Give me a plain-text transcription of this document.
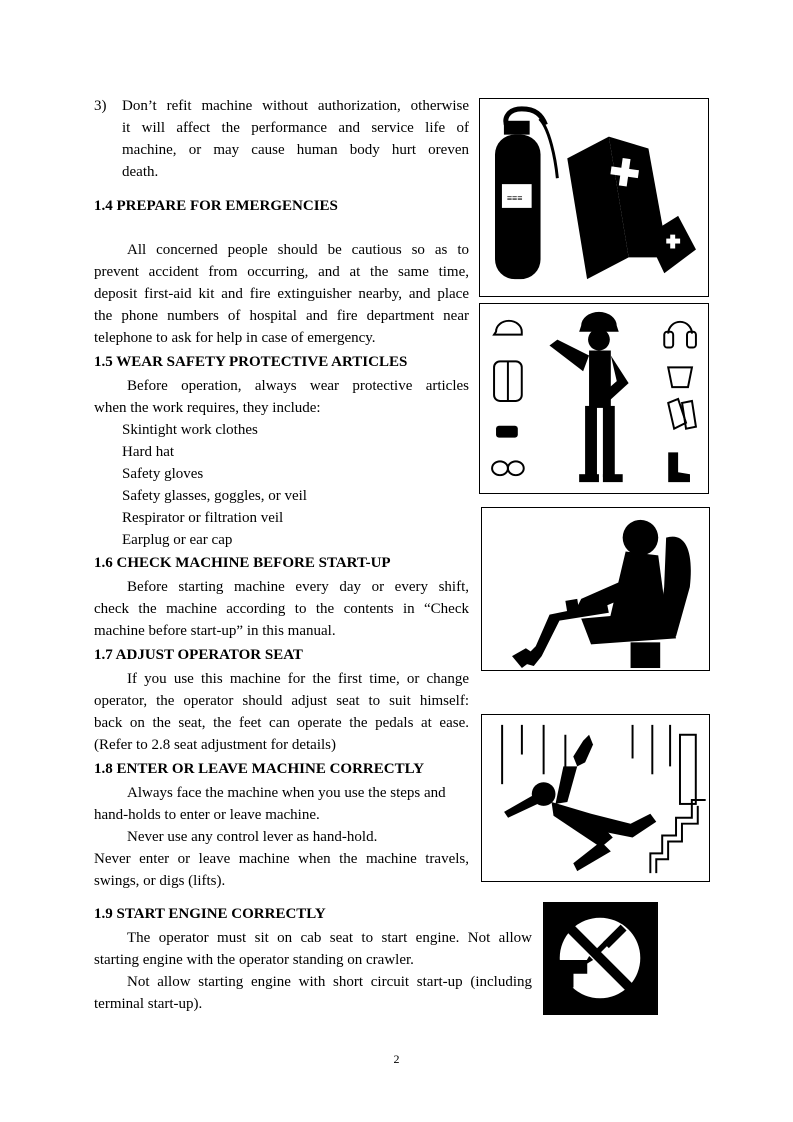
3) Don’t refit machine without authorization, otherwise
it will affect the performance and service life of
machine, or may cause human body hurt oreven
death.
1.4 PREPARE FOR EMERGENCIES
All concerned people should be cautious so as to
prevent accident from occurring, and at the same time,
deposit first-aid kit and fire extinguisher nearby, and place
the phone numbers of hospital and fire department near
telephone to ask for help in case of emergency.
1.5 WEAR SAFETY PROTECTIVE ARTICLES
Before operation, always wear protective articles
when the work requires, they include:
Skintight work clothes
Hard hat
Safety gloves
Safety glasses, goggles, or veil
Respirator or filtration veil
Earplug or ear cap
1.6 CHECK MACHINE BEFORE START-UP
Before starting machine every day or every shift,
check the machine according to the contents in “Check
machine before start-up” in this manual.
1.7 ADJUST OPERATOR SEAT
If you use this machine for the first time, or change
operator, the operator should adjust seat to suit himself:
back on the seat, the feet can operate the pedals at ease.
(Refer to 2.8 seat adjustment for details)
1.8 ENTER OR LEAVE MACHINE CORRECTLY
Always face the machine when you use the steps and
hand-holds to enter or leave machine.
Never use any control lever as hand-hold.
Never enter or leave machine when the machine travels,
swings, or digs (lifts).
1.9 START ENGINE CORRECTLY
The operator must sit on cab seat to start engine. Not allow
starting engine with the operator standing on crawler.
Not allow starting engine with short circuit start-up (including
terminal start-up).
2
≡≡≡
